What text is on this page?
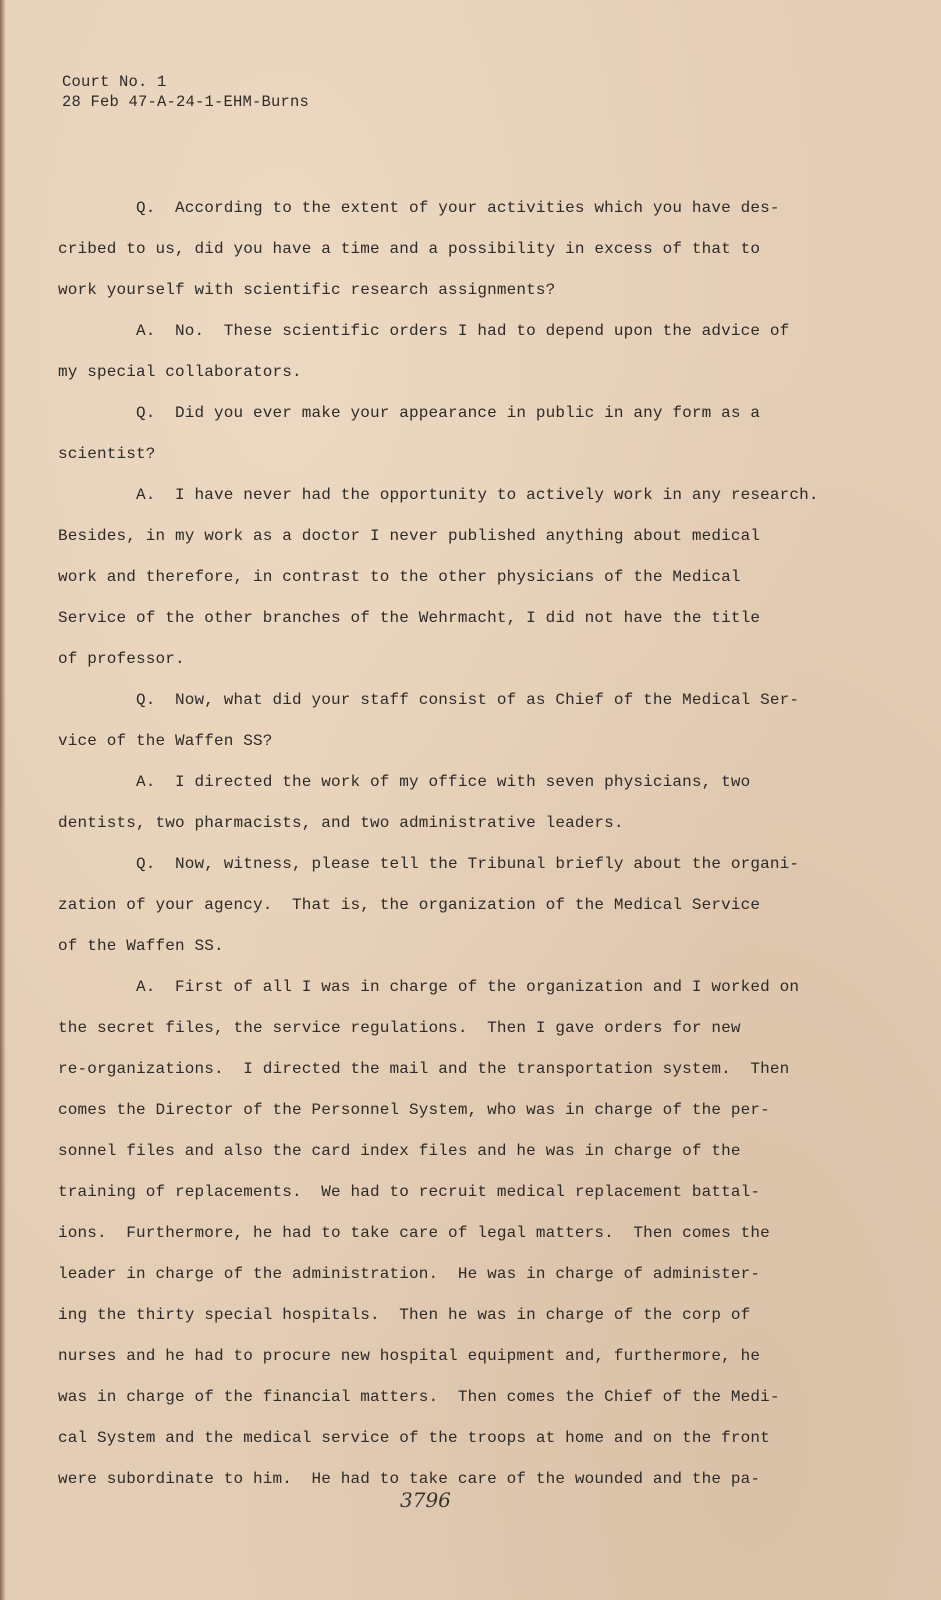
Court No. 1
28 Feb 47-A-24-1-EHM-Burns
Q.  According to the extent of your activities which you have des-
cribed to us, did you have a time and a possibility in excess of that to
work yourself with scientific research assignments?
A.  No.  These scientific orders I had to depend upon the advice of
my special collaborators.
Q.  Did you ever make your appearance in public in any form as a
scientist?
A.  I have never had the opportunity to actively work in any research.
Besides, in my work as a doctor I never published anything about medical
work and therefore, in contrast to the other physicians of the Medical
Service of the other branches of the Wehrmacht, I did not have the title
of professor.
Q.  Now, what did your staff consist of as Chief of the Medical Ser-
vice of the Waffen SS?
A.  I directed the work of my office with seven physicians, two
dentists, two pharmacists, and two administrative leaders.
Q.  Now, witness, please tell the Tribunal briefly about the organi-
zation of your agency.  That is, the organization of the Medical Service
of the Waffen SS.
A.  First of all I was in charge of the organization and I worked on
the secret files, the service regulations.  Then I gave orders for new
re-organizations.  I directed the mail and the transportation system.  Then
comes the Director of the Personnel System, who was in charge of the per-
sonnel files and also the card index files and he was in charge of the
training of replacements.  We had to recruit medical replacement battal-
ions.  Furthermore, he had to take care of legal matters.  Then comes the
leader in charge of the administration.  He was in charge of administer-
ing the thirty special hospitals.  Then he was in charge of the corp of
nurses and he had to procure new hospital equipment and, furthermore, he
was in charge of the financial matters.  Then comes the Chief of the Medi-
cal System and the medical service of the troops at home and on the front
were subordinate to him.  He had to take care of the wounded and the pa-
3796
